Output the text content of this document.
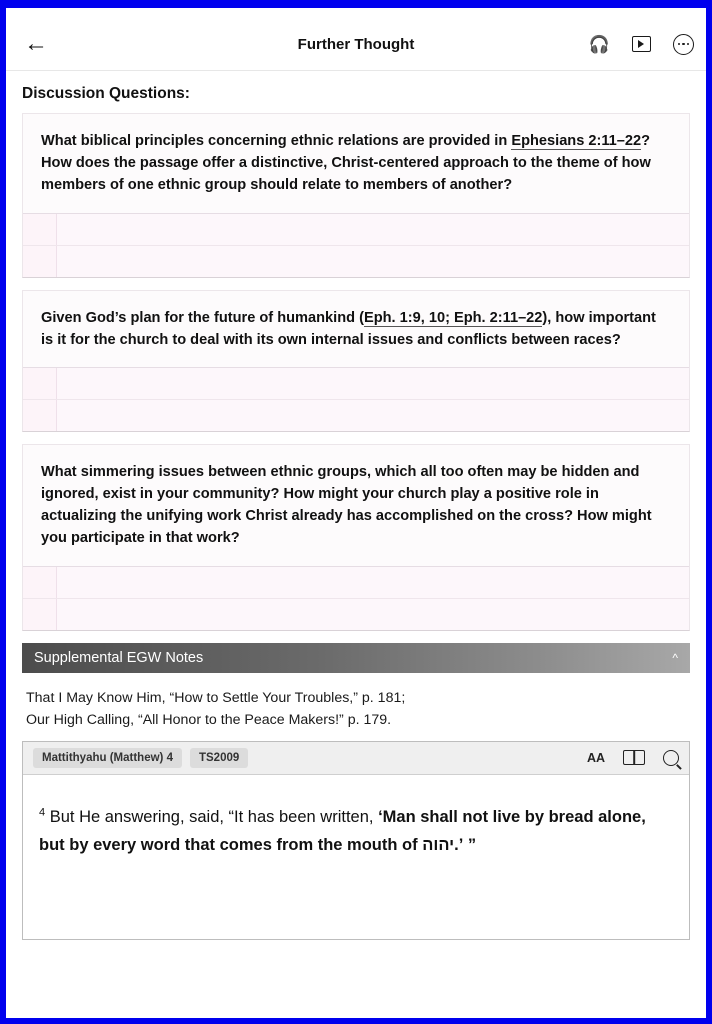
←	Further Thought	🎧
Discussion Questions:
What biblical principles concerning ethnic relations are provided in Ephesians 2:11–22? How does the passage offer a distinctive, Christ-centered approach to the theme of how members of one ethnic group should relate to members of another?
Given God’s plan for the future of humankind (Eph. 1:9, 10; Eph. 2:11–22), how important is it for the church to deal with its own internal issues and conflicts between races?
What simmering issues between ethnic groups, which all too often may be hidden and ignored, exist in your community? How might your church play a positive role in actualizing the unifying work Christ already has accomplished on the cross? How might you participate in that work?
Supplemental EGW Notes	^
That I May Know Him, “How to Settle Your Troubles,” p. 181;
Our High Calling, “All Honor to the Peace Makers!” p. 179.
Mattithyahu (Matthew) 4	TS2009	AA
$^4$ But He answering, said, “It has been written, ‘Man shall not live by bread alone, but by every word that comes from the mouth of יהוה.’ ”
